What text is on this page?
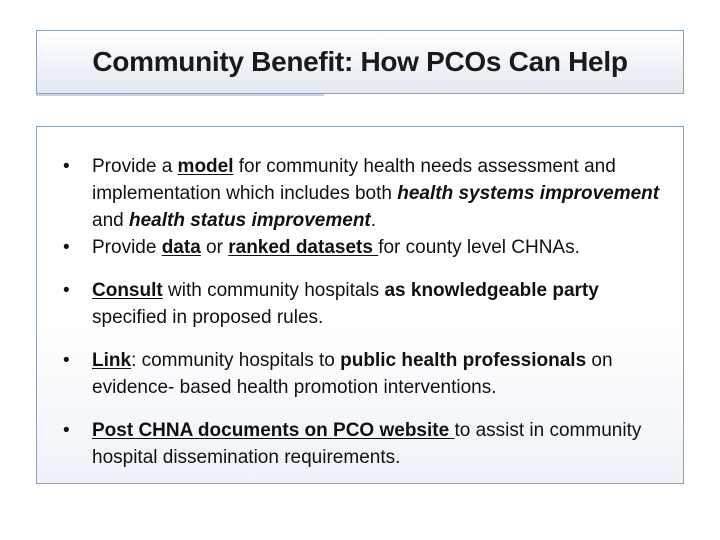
Community Benefit: How PCOs Can Help
• Provide a model for community health needs assessment and implementation which includes both health systems improvement and health status improvement.
• Provide data or ranked datasets for county level CHNAs.
• Consult with community hospitals as knowledgeable party specified in proposed rules.
• Link: community hospitals to public health professionals on evidence- based health promotion interventions.
• Post CHNA documents on PCO website to assist in community hospital dissemination requirements.
